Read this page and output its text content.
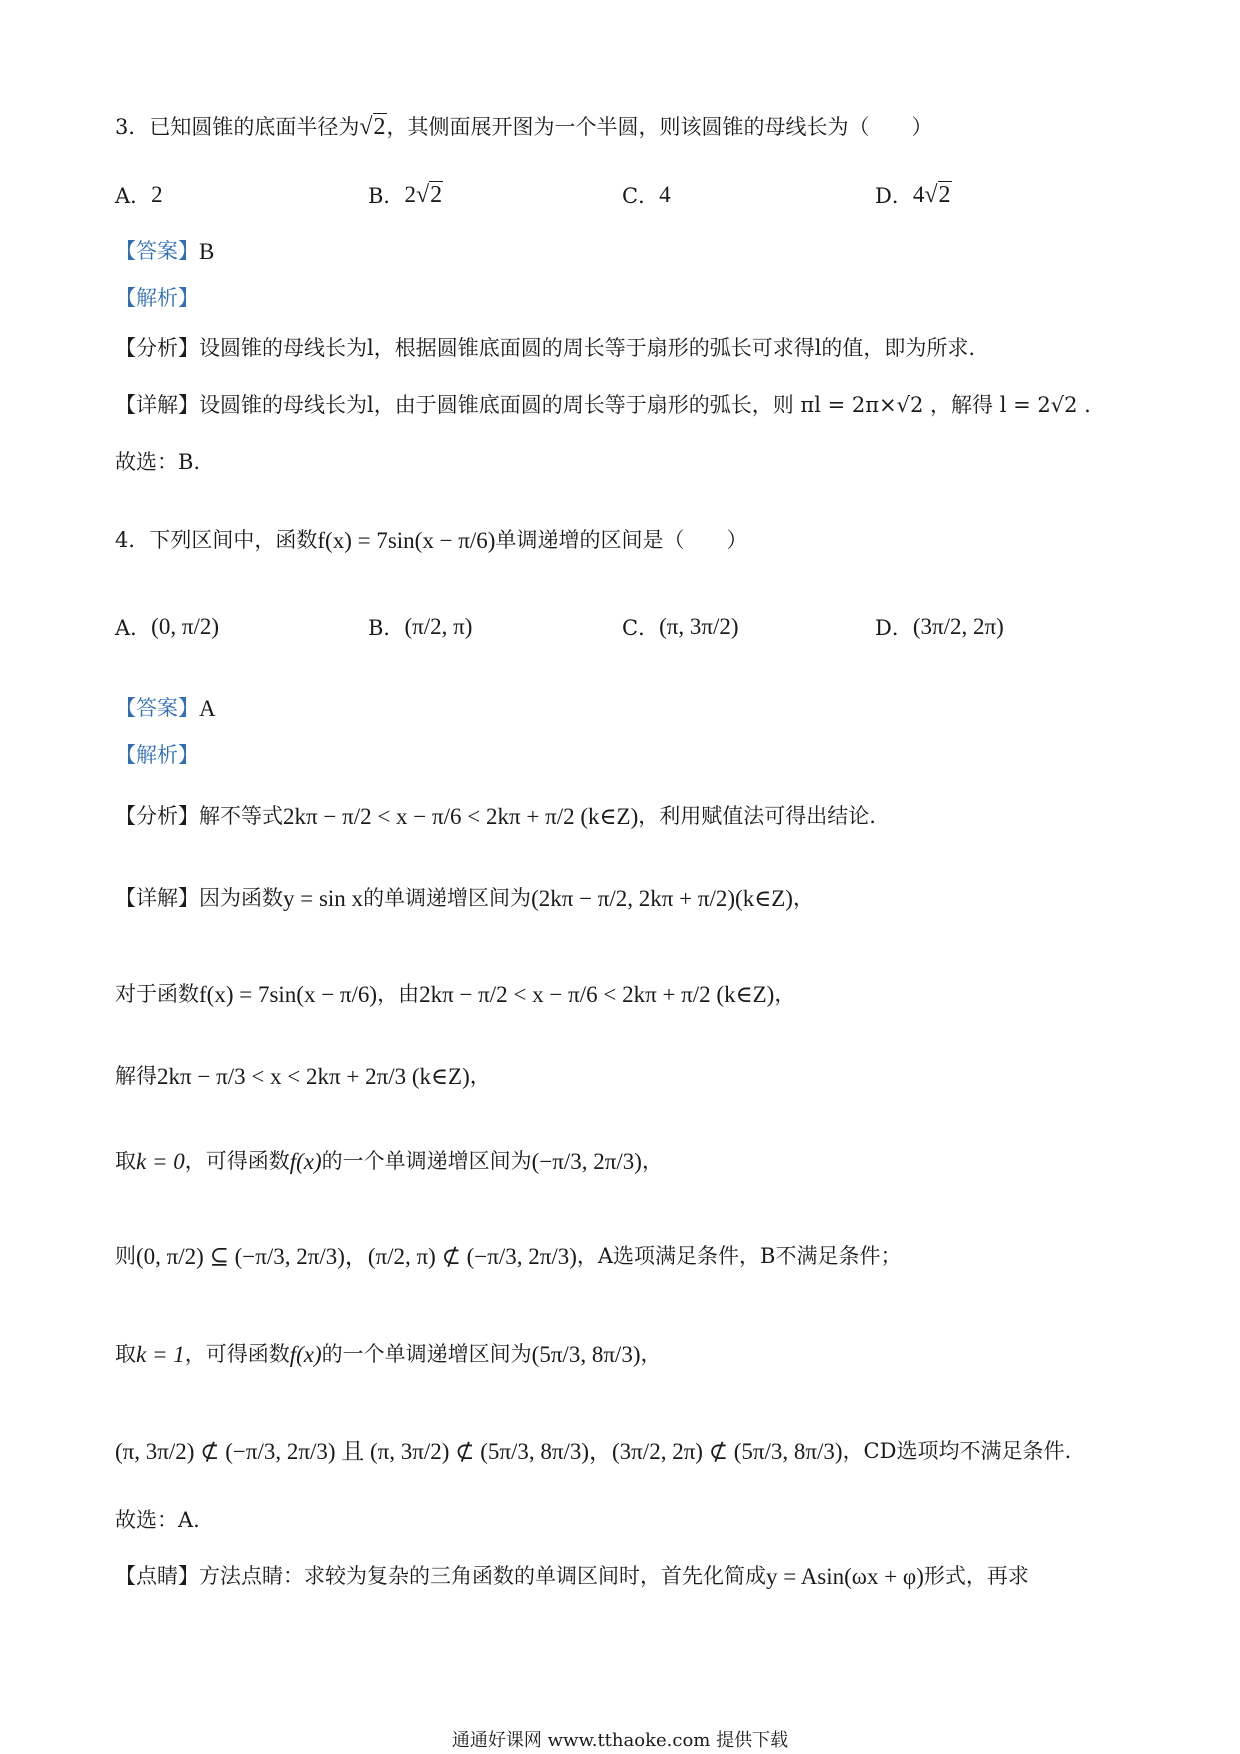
3．已知圆锥的底面半径为 √2 ，其侧面展开图为一个半圆，则该圆锥的母线长为（　　）
A． 2	B． 2√2	C． 4	D． 4√2
【答案】 B
【解析】
【分析】 设圆锥的母线长为l，根据圆锥底面圆的周长等于扇形的弧长可求得l的值，即为所求.
【详解】 设圆锥的母线长为l，由于圆锥底面圆的周长等于扇形的弧长，则 πl = 2π×√2 ，解得 l = 2√2 .
故选：B.
4．下列区间中，函数 f(x) = 7sin(x − π/6) 单调递增的区间是（　　）
A． (0, π/2)	B． (π/2, π)	C． (π, 3π/2)	D． (3π/2, 2π)
【答案】 A
【解析】
【分析】 解不等式 2kπ − π/2 < x − π/6 < 2kπ + π/2 (k∈Z) ，利用赋值法可得出结论.
【详解】 因为函数 y = sin x 的单调递增区间为 (2kπ − π/2, 2kπ + π/2)(k∈Z) ，
对于函数 f(x) = 7sin(x − π/6) ，由 2kπ − π/2 < x − π/6 < 2kπ + π/2 (k∈Z) ，
解得 2kπ − π/3 < x < 2kπ + 2π/3 (k∈Z) ，
取 k = 0 ，可得函数 f(x) 的一个单调递增区间为 (−π/3, 2π/3) ，
则 (0, π/2) ⊆ (−π/3, 2π/3)，(π/2, π) ⊄ (−π/3, 2π/3) ，A选项满足条件，B不满足条件；
取 k = 1 ，可得函数 f(x) 的一个单调递增区间为 (5π/3, 8π/3) ，
(π, 3π/2) ⊄ (−π/3, 2π/3) 且 (π, 3π/2) ⊄ (5π/3, 8π/3)，(3π/2, 2π) ⊄ (5π/3, 8π/3) ，CD选项均不满足条件.
故选：A.
【点睛】 方法点睛：求较为复杂的三角函数的单调区间时，首先化简成 y = Asin(ωx + φ) 形式，再求
通通好课网 www.tthaoke.com 提供下载
